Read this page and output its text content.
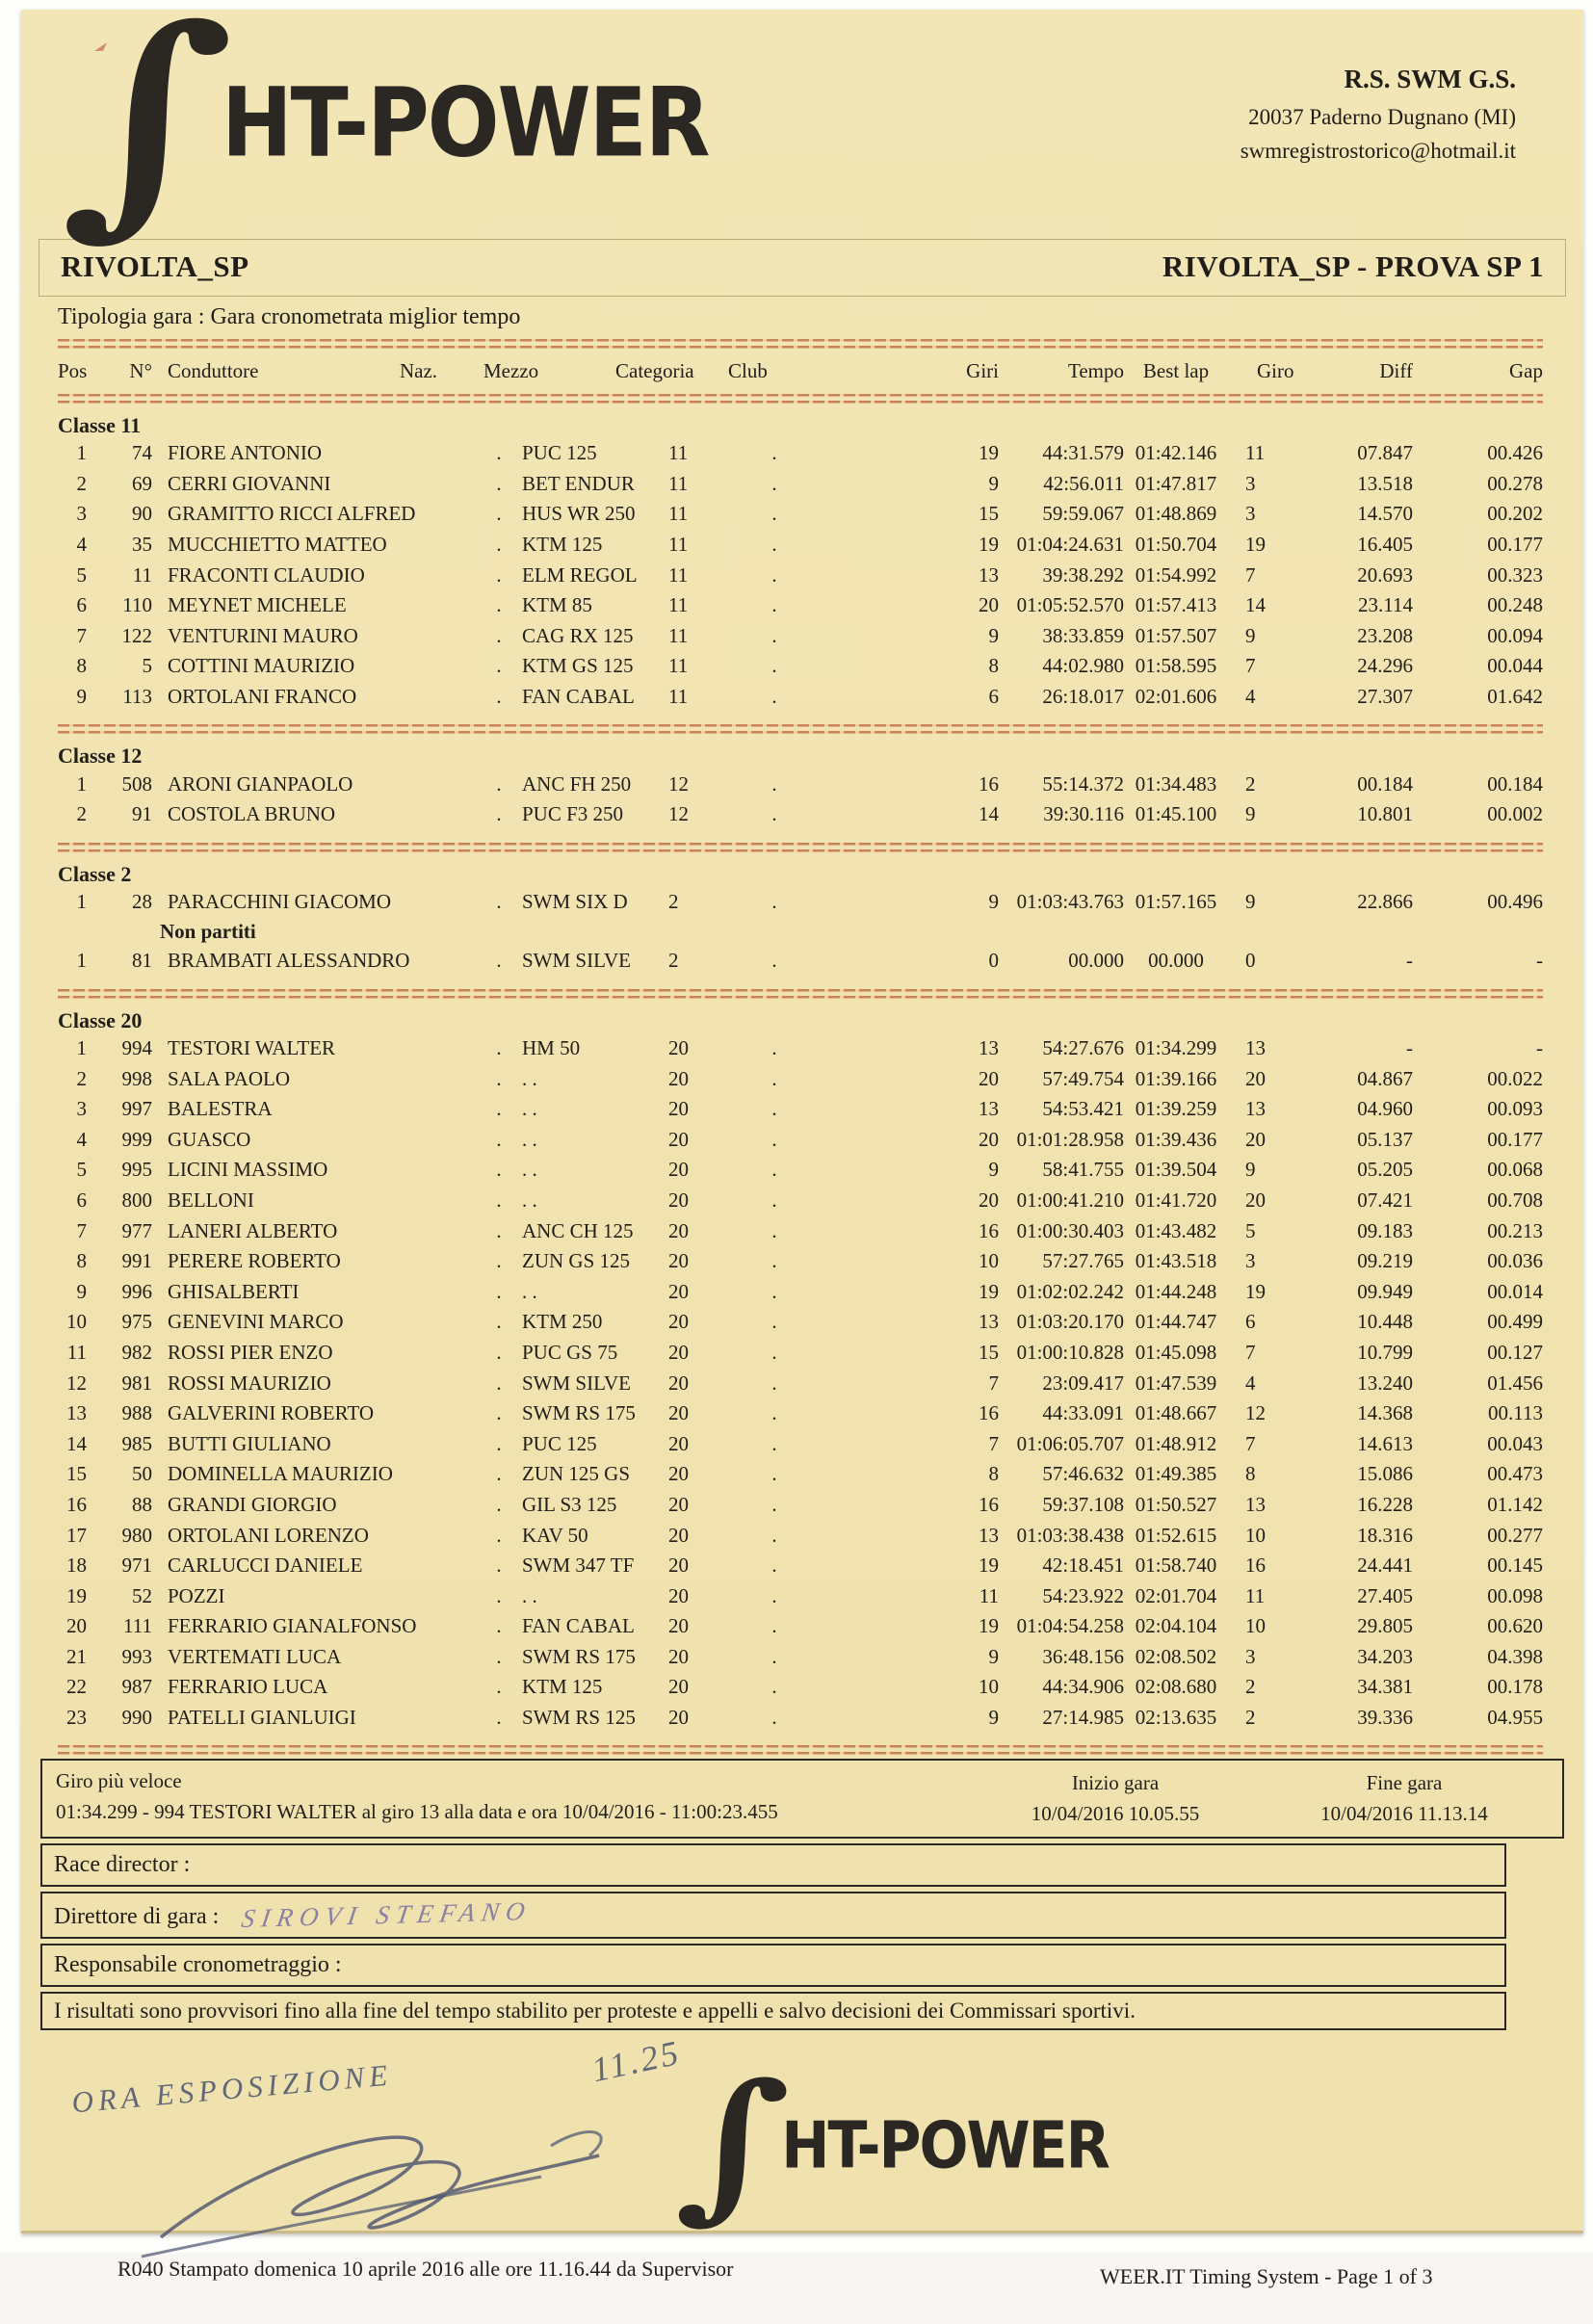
∫
HT-POWER	R.S. SWM G.S.
20037 Paderno Dugnano (MI)
swmregistrostorico@hotmail.it
RIVOLTA_SP	RIVOLTA_SP - PROVA SP 1
Tipologia gara : Gara cronometrata miglior tempo
Pos	N° Conduttore	Naz. Mezzo	Categoria Club	Giri	Tempo Best lap	Giro	Diff	Gap
Classe 11
1	74 FIORE ANTONIO	.	PUC 125	11	.	19	44:31.579 01:42.146	11	07.847	00.426
2	69 CERRI GIOVANNI	.	BET ENDUR	11	.	9	42:56.011 01:47.817	3	13.518	00.278
3	90 GRAMITTO RICCI ALFRED	.	HUS WR 250	11	.	15	59:59.067 01:48.869	3	14.570	00.202
4	35 MUCCHIETTO MATTEO	.	KTM 125	11	.	19 01:04:24.631 01:50.704	19	16.405	00.177
5	11 FRACONTI CLAUDIO	.	ELM REGOL	11	.	13	39:38.292 01:54.992	7	20.693	00.323
6	110 MEYNET MICHELE	.	KTM 85	11	.	20 01:05:52.570 01:57.413	14	23.114	00.248
7	122 VENTURINI MAURO	.	CAG RX 125	11	.	9	38:33.859 01:57.507	9	23.208	00.094
8	5 COTTINI MAURIZIO	.	KTM GS 125	11	.	8	44:02.980 01:58.595	7	24.296	00.044
9	113 ORTOLANI FRANCO	.	FAN CABAL	11	.	6	26:18.017 02:01.606	4	27.307	01.642
Classe 12
1	508 ARONI GIANPAOLO	.	ANC FH 250	12	.	16	55:14.372 01:34.483	2	00.184	00.184
2	91 COSTOLA BRUNO	.	PUC F3 250	12	.	14	39:30.116 01:45.100	9	10.801	00.002
Classe 2
1	28 PARACCHINI GIACOMO	.	SWM SIX D	2	.	9 01:03:43.763 01:57.165	9	22.866	00.496
Non partiti
1	81 BRAMBATI ALESSANDRO	.	SWM SILVE	2	.	0	00.000	00.000	0	-	-
Classe 20
1	994 TESTORI WALTER	.	HM 50	20	.	13	54:27.676 01:34.299	13	-	-
2	998 SALA PAOLO	.	. .	20	.	20	57:49.754 01:39.166	20	04.867	00.022
3	997 BALESTRA	.	. .	20	.	13	54:53.421 01:39.259	13	04.960	00.093
4	999 GUASCO	.	. .	20	.	20 01:01:28.958 01:39.436	20	05.137	00.177
5	995 LICINI MASSIMO	.	. .	20	.	9	58:41.755 01:39.504	9	05.205	00.068
6	800 BELLONI	.	. .	20	.	20 01:00:41.210 01:41.720	20	07.421	00.708
7	977 LANERI ALBERTO	.	ANC CH 125	20	.	16 01:00:30.403 01:43.482	5	09.183	00.213
8	991 PERERE ROBERTO	.	ZUN GS 125	20	.	10	57:27.765 01:43.518	3	09.219	00.036
9	996 GHISALBERTI	.	. .	20	.	19 01:02:02.242 01:44.248	19	09.949	00.014
10	975 GENEVINI MARCO	.	KTM 250	20	.	13 01:03:20.170 01:44.747	6	10.448	00.499
11	982 ROSSI PIER ENZO	.	PUC GS 75	20	.	15 01:00:10.828 01:45.098	7	10.799	00.127
12	981 ROSSI MAURIZIO	.	SWM SILVE	20	.	7	23:09.417 01:47.539	4	13.240	01.456
13	988 GALVERINI ROBERTO	.	SWM RS 175	20	.	16	44:33.091 01:48.667	12	14.368	00.113
14	985 BUTTI GIULIANO	.	PUC 125	20	.	7 01:06:05.707 01:48.912	7	14.613	00.043
15	50 DOMINELLA MAURIZIO	.	ZUN 125 GS	20	.	8	57:46.632 01:49.385	8	15.086	00.473
16	88 GRANDI GIORGIO	.	GIL S3 125	20	.	16	59:37.108 01:50.527	13	16.228	01.142
17	980 ORTOLANI LORENZO	.	KAV 50	20	.	13 01:03:38.438 01:52.615	10	18.316	00.277
18	971 CARLUCCI DANIELE	.	SWM 347 TF	20	.	19	42:18.451 01:58.740	16	24.441	00.145
19	52 POZZI	.	. .	20	.	11	54:23.922 02:01.704	11	27.405	00.098
20	111 FERRARIO GIANALFONSO	.	FAN CABAL	20	.	19 01:04:54.258 02:04.104	10	29.805	00.620
21	993 VERTEMATI LUCA	.	SWM RS 175	20	.	9	36:48.156 02:08.502	3	34.203	04.398
22	987 FERRARIO LUCA	.	KTM 125	20	.	10	44:34.906 02:08.680	2	34.381	00.178
23	990 PATELLI GIANLUIGI	.	SWM RS 125	20	.	9	27:14.985 02:13.635	2	39.336	04.955
Giro più veloce
01:34.299 - 994 TESTORI WALTER al giro 13 alla data e ora 10/04/2016 - 11:00:23.455
Inizio gara
10/04/2016 10.05.55
Fine gara
10/04/2016 11.13.14
Race director :
Direttore di gara : SIROVI STEFANO
Responsabile cronometraggio :
I risultati sono provvisori fino alla fine del tempo stabilito per proteste e appelli e salvo decisioni dei Commissari sportivi.
ORA ESPOSIZIONE	11.25
∫
HT-POWER
R040 Stampato domenica 10 aprile 2016 alle ore 11.16.44 da Supervisor	WEER.IT Timing System - Page 1 of 3
